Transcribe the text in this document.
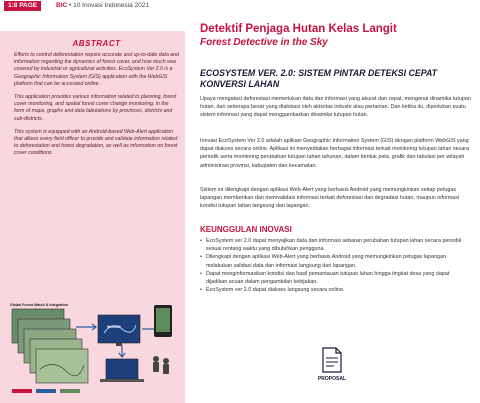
1:8 PAGE	BIC • 10 Inovasi Indonesia 2021
ABSTRACT

Efforts to control deforestation require accurate and up-to-date data and information regarding the dynamics of forest cover, and how much was covered by industrial or agricultural activities. EcoSystem Ver 2.0 is a Geographic Information System (GIS) application with the WebGIS platform that can be accessed online.

This application provides various information related to planning, forest cover monitoring, and spatial forest cover change monitoring, in the form of maps, graphs and data tabulations by provinces, districts and sub-districts.

This system is equipped with an Android-based Web-Alert application that allows every field officer to provide and validate information related to deforestation and forest degradation, as well as information on forest cover conditions.

Global Forest Watch & Integration
WebGIS
Detektif Penjaga Hutan Kelas Langit
Forest Detective in the Sky
ECOSYSTEM VER. 2.0: SISTEM PINTAR DETEKSI CEPAT KONVERSI LAHAN

Upaya mengatasi deforestasi memerlukan data dan informasi yang akurat dan cepat, mengenai dinamika tutupan hutan, dan seberapa besar yang dialokasi oleh aktivitas industri atau pertanian. Dan ketika itu, diperlukan suatu sistem informasi yang dapat menggambarkan dinamika tutupan hutan.

Inovasi EcoSystem Ver 2.0 adalah aplikasi Geographic Information System (GIS) dengan platform WebGIS yang dapat diakses secara online. Aplikasi ini menyediakan berbagai informasi terkait monitoring tutupan lahan secara periodik serta monitoring perubahan tutupan lahan tahunan, dalam bentuk peta, grafik dan tabulasi per wilayah administrasi provinsi, kabupaten dan kecamatan.

Sistem ini dilengkapi dengan aplikasi Web-Alert yang berbasis Android yang memungkinkan setiap petugas lapangan memberikan dan memvalidasi informasi terkait deforestasi dan degradasi hutan, maupun informasi kondisi tutupan lahan langsung dari lapangan.

KEUNGGULAN INOVASI
• EcoSystem ver 2.0 dapat menyajikan data dan informasi sebaran perubahan tutupan lahan secara periodik sesuai rentang waktu yang dibutuhkan pengguna.
• Dilengkapi dengan aplikasi Web-Alert yang berbasis Android yang memungkinkan petugas lapangan melakukan validasi data dan informasi langsung dari lapangan.
• Dapat menginformasikan kondisi dan hasil pemantauan tutupan lahan hingga tingkat desa yang dapat dijadikan acuan dalam pengambilan kebijakan.
• EcoSystem ver 2.0 dapat diakses langsung secara online.
PROPOSAL
